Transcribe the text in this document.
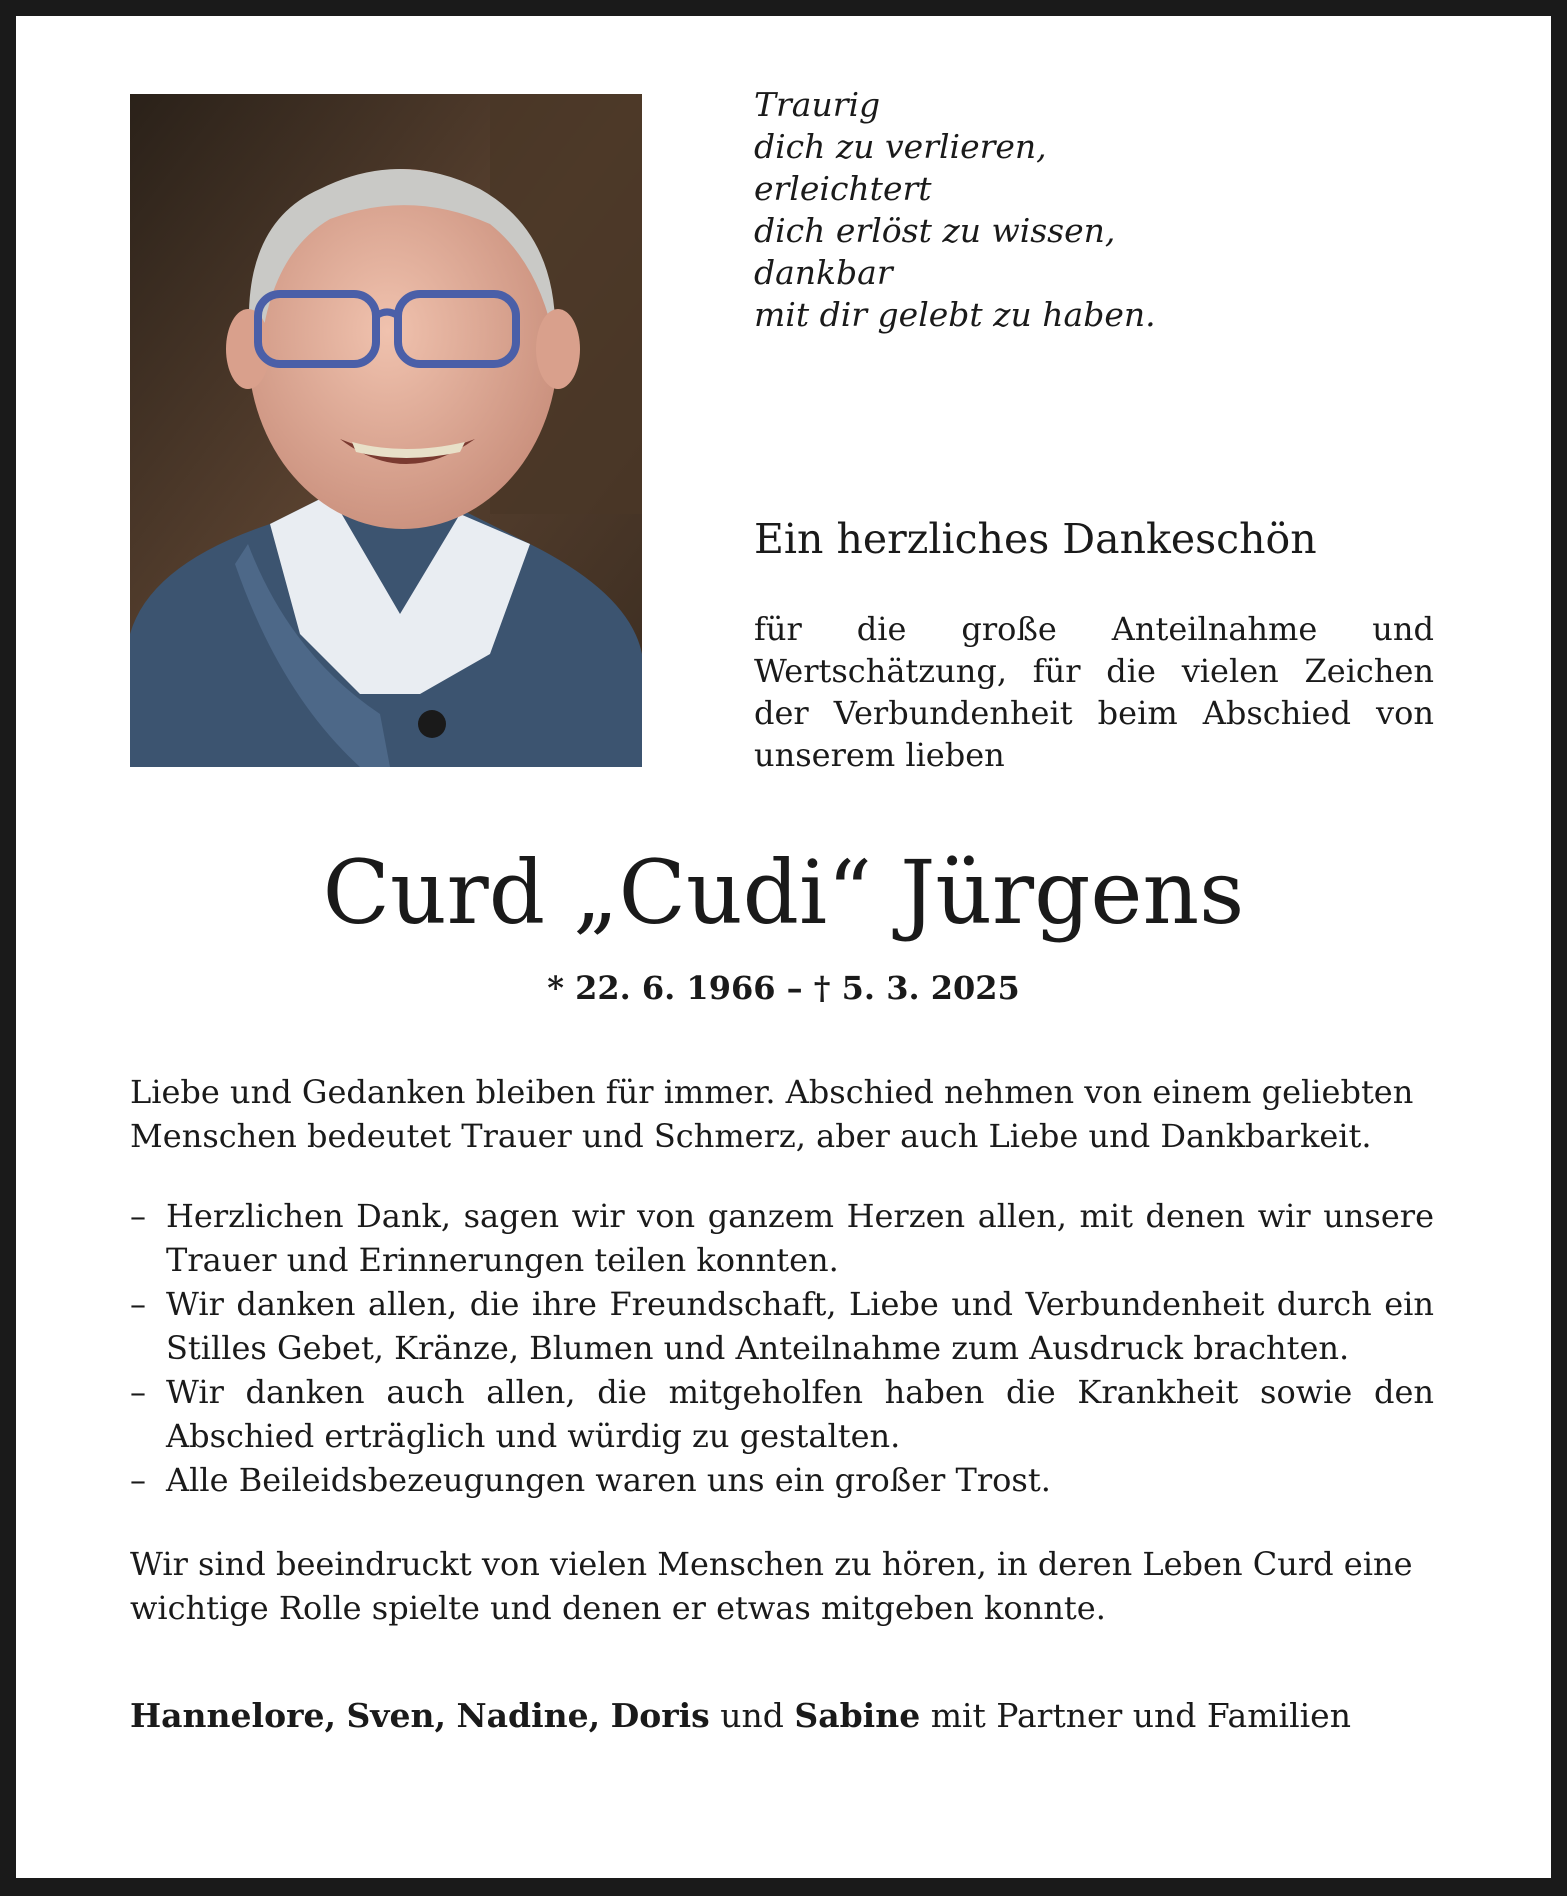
Traurig
dich zu verlieren,
erleichtert
dich erlöst zu wissen,
dankbar
mit dir gelebt zu haben.
Ein herzliches Dankeschön
für die große Anteilnahme und Wertschätzung, für die vielen Zeichen der Verbundenheit beim Abschied von unserem lieben
Curd „Cudi“ Jürgens
* 22. 6. 1966 – † 5. 3. 2025
Liebe und Gedanken bleiben für immer. Abschied nehmen von einem geliebten Menschen bedeutet Trauer und Schmerz, aber auch Liebe und Dankbarkeit.
– Herzlichen Dank, sagen wir von ganzem Herzen allen, mit denen wir unsere Trauer und Erinnerungen teilen konnten.
– Wir danken allen, die ihre Freundschaft, Liebe und Verbundenheit durch ein Stilles Gebet, Kränze, Blumen und Anteilnahme zum Ausdruck brachten.
– Wir danken auch allen, die mitgeholfen haben die Krankheit sowie den Abschied erträglich und würdig zu gestalten.
– Alle Beileidsbezeugungen waren uns ein großer Trost.
Wir sind beeindruckt von vielen Menschen zu hören, in deren Leben Curd eine wichtige Rolle spielte und denen er etwas mitgeben konnte.
Hannelore, Sven, Nadine, Doris und Sabine mit Partner und Familien
